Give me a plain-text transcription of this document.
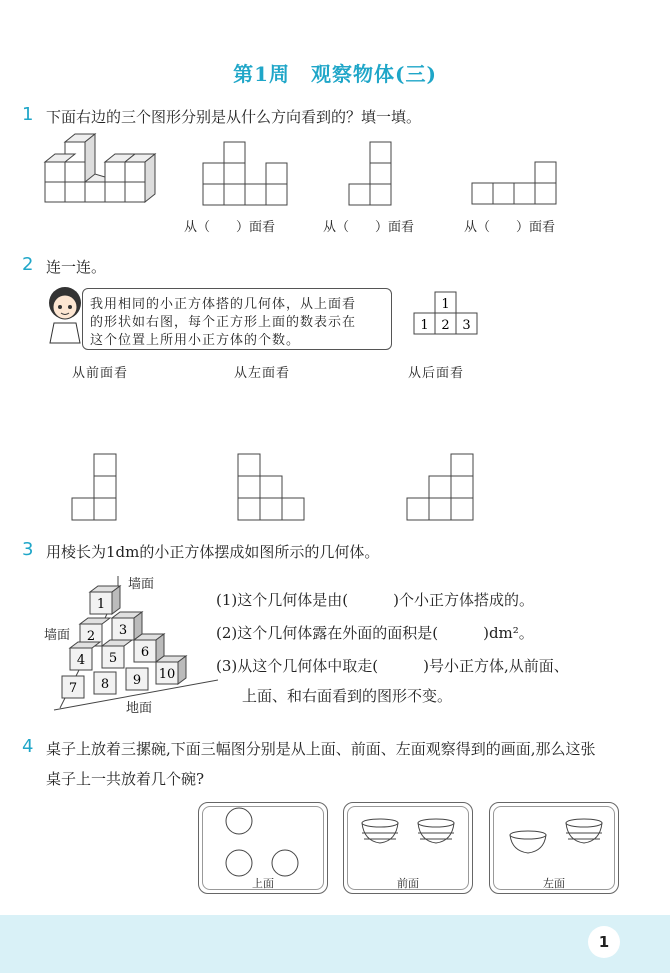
第1周　观察物体(三)
1 下面右边的三个图形分别是从什么方向看到的？填一填。
从（　　）面看	从（　　）面看	从（　　）面看
2 连一连。
我用相同的小正方体搭的几何体，从上面看
的形状如右图，每个正方形上面的数表示在
这个位置上所用小正方体的个数。
1
1 2 3
从前面看	从左面看	从后面看
3 用棱长为1dm的小正方体摆成如图所示的几何体。
1
2 3
4 5 6
7 8 9 10
墙面
墙面
地面
(1)这个几何体是由(　　　)个小正方体搭成的。
(2)这个几何体露在外面的面积是(　　　)dm²。
(3)从这个几何体中取走(　　　)号小正方体,从前面、
上面、和右面看到的图形不变。
4 桌子上放着三摞碗,下面三幅图分别是从上面、前面、左面观察得到的画面,那么这张
桌子上一共放着几个碗?
上面	前面	左面
1
